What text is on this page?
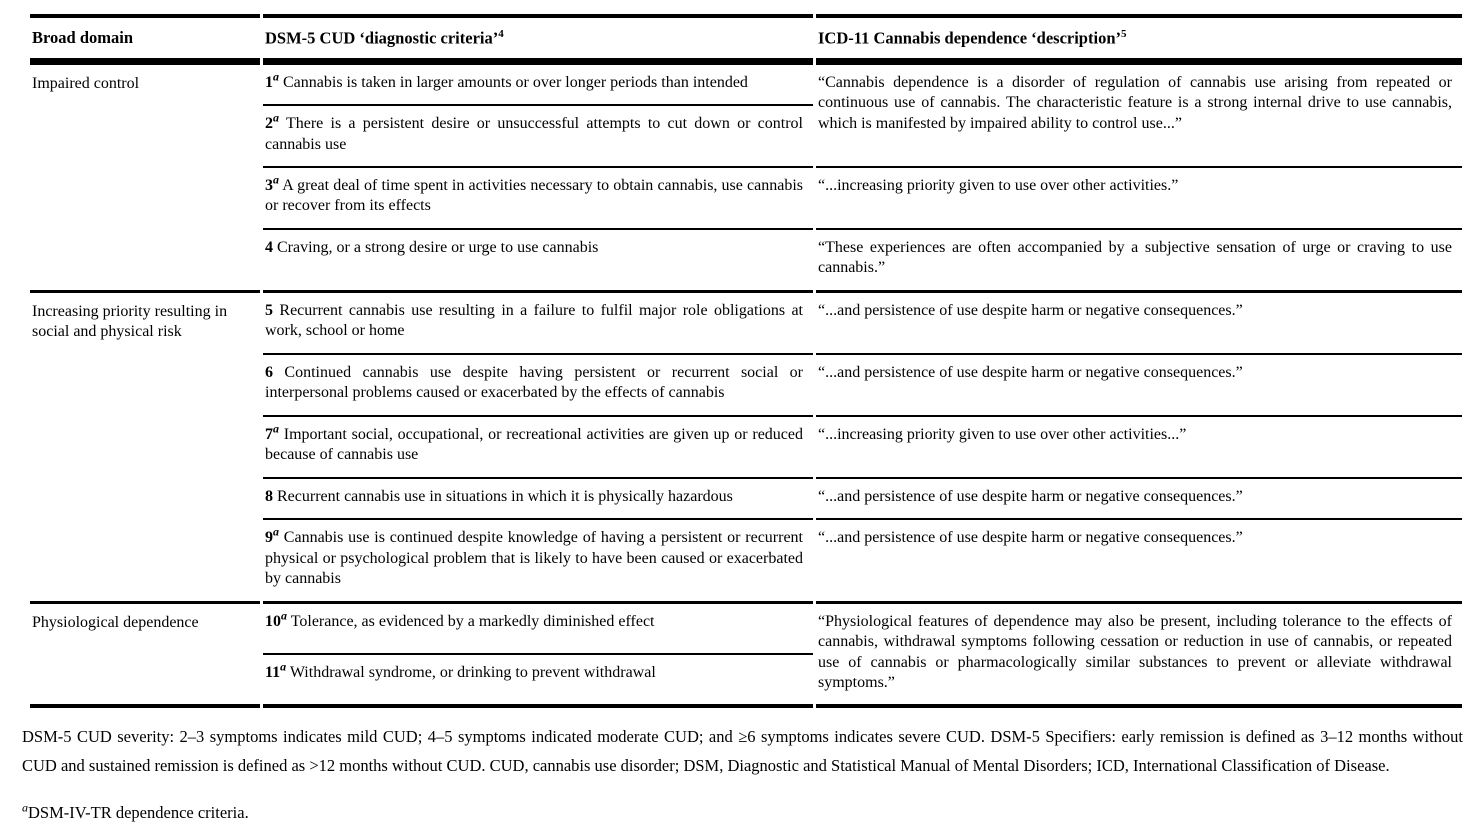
Broad domain	DSM-5 CUD ‘diagnostic criteria’$^4$	ICD-11 Cannabis dependence ‘description’$^5$
Impaired control	1$^a$ Cannabis is taken in larger amounts or over longer periods than intended	“Cannabis dependence is a disorder of regulation of cannabis use arising from repeated or continuous use of cannabis. The characteristic feature is a strong internal drive to use cannabis, which is manifested by impaired ability to control use...”
	2$^a$ There is a persistent desire or unsuccessful attempts to cut down or control cannabis use	
	3$^a$ A great deal of time spent in activities necessary to obtain cannabis, use cannabis or recover from its effects	“...increasing priority given to use over other activities.”
	4 Craving, or a strong desire or urge to use cannabis	“These experiences are often accompanied by a subjective sensation of urge or craving to use cannabis.”
Increasing priority resulting in social and physical risk	5 Recurrent cannabis use resulting in a failure to fulfil major role obligations at work, school or home	“...and persistence of use despite harm or negative consequences.”
	6 Continued cannabis use despite having persistent or recurrent social or interpersonal problems caused or exacerbated by the effects of cannabis	“...and persistence of use despite harm or negative consequences.”
	7$^a$ Important social, occupational, or recreational activities are given up or reduced because of cannabis use	“...increasing priority given to use over other activities...”
	8 Recurrent cannabis use in situations in which it is physically hazardous	“...and persistence of use despite harm or negative consequences.”
	9$^a$ Cannabis use is continued despite knowledge of having a persistent or recurrent physical or psychological problem that is likely to have been caused or exacerbated by cannabis	“...and persistence of use despite harm or negative consequences.”
Physiological dependence	10$^a$ Tolerance, as evidenced by a markedly diminished effect	“Physiological features of dependence may also be present, including tolerance to the effects of cannabis, withdrawal symptoms following cessation or reduction in use of cannabis, or repeated use of cannabis or pharmacologically similar substances to prevent or alleviate withdrawal symptoms.”
	11$^a$ Withdrawal syndrome, or drinking to prevent withdrawal	

DSM-5 CUD severity: 2–3 symptoms indicates mild CUD; 4–5 symptoms indicated moderate CUD; and ≥6 symptoms indicates severe CUD. DSM-5 Specifiers: early remission is defined as 3–12 months without CUD and sustained remission is defined as >12 months without CUD. CUD, cannabis use disorder; DSM, Diagnostic and Statistical Manual of Mental Disorders; ICD, International Classification of Disease.

$^a$DSM-IV-TR dependence criteria.
